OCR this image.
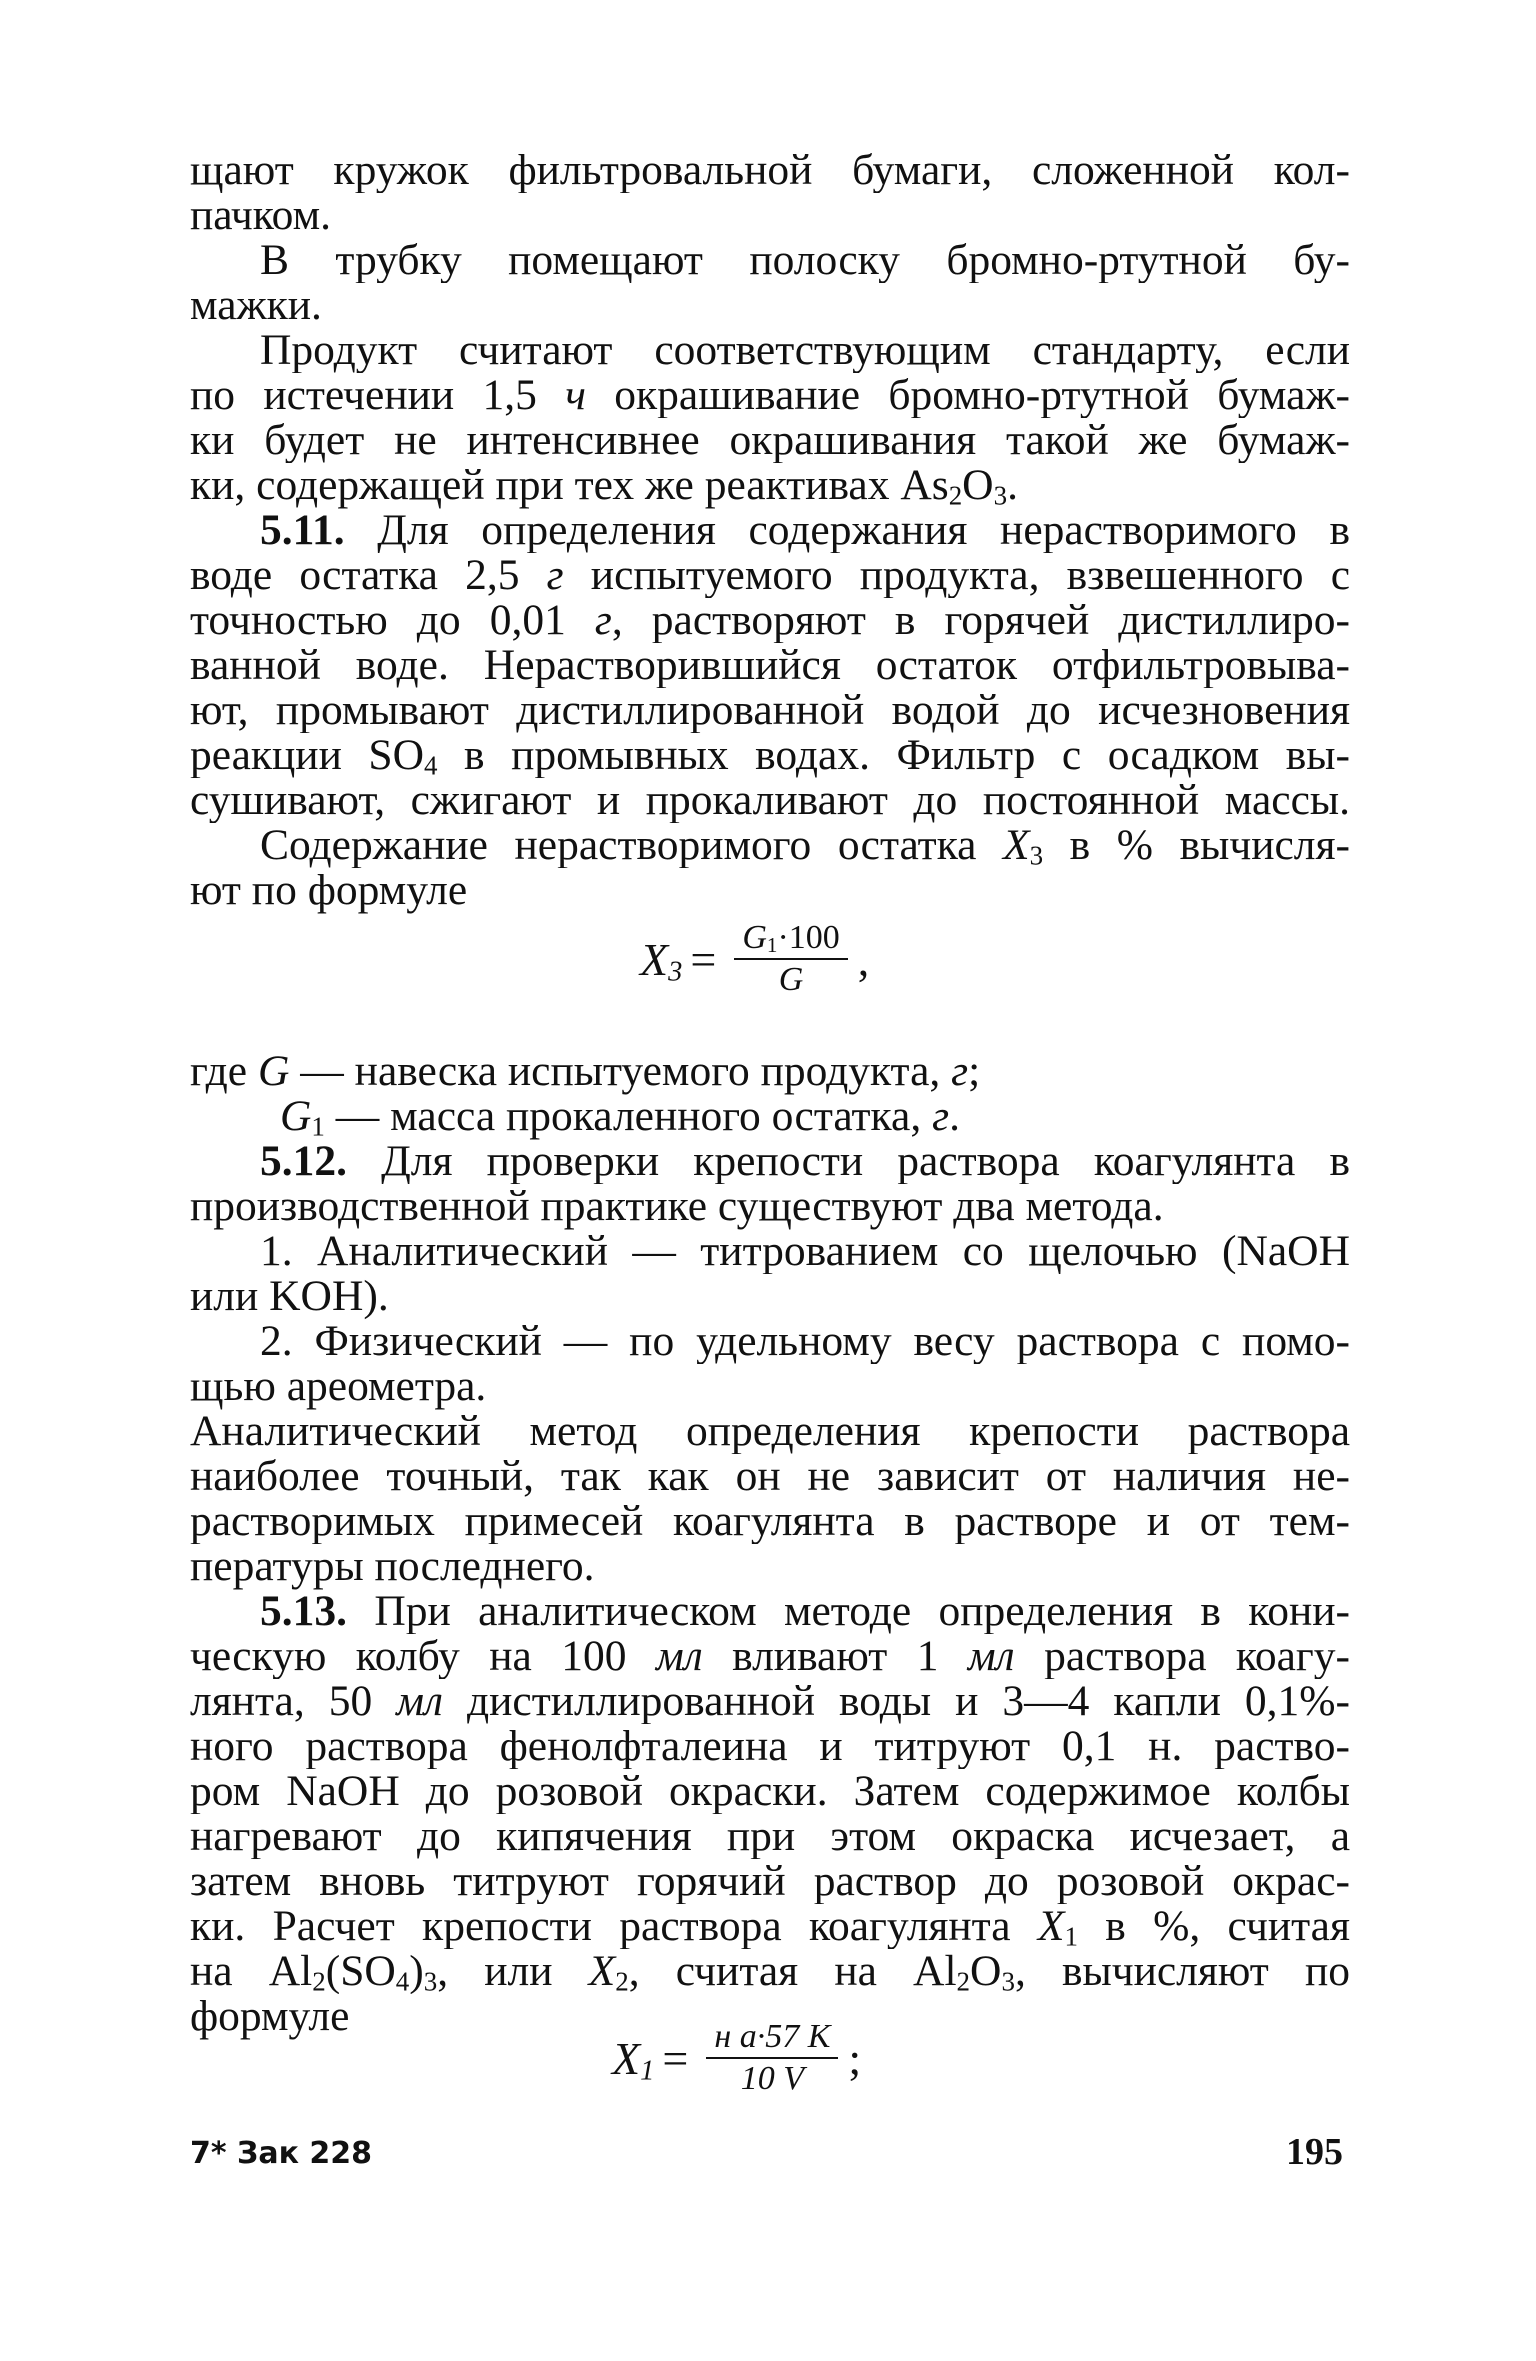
щают кружок фильтровальной бумаги, сложенной кол-
пачком.
В трубку помещают полоску бромно-ртутной бу-
мажки.
Продукт считают соответствующим стандарту, если
по истечении 1,5 ч окрашивание бромно-ртутной бумаж-
ки будет не интенсивнее окрашивания такой же бумаж-
ки, содержащей при тех же реактивах $As_2O_3$.
5.11. Для определения содержания нерастворимого в
воде остатка 2,5 г испытуемого продукта, взвешенного с
точностью до 0,01 г, растворяют в горячей дистиллиро-
ванной воде. Нерастворившийся остаток отфильтровыва-
ют, промывают дистиллированной водой до исчезновения
реакции $SO_4$ в промывных водах. Фильтр с осадком вы-
сушивают, сжигают и прокаливают до постоянной массы.
Содержание нерастворимого остатка $X_3$ в % вычисля-
ют по формуле
где G — навеска испытуемого продукта, г;
$G_1$ — масса прокаленного остатка, г.
5.12. Для проверки крепости раствора коагулянта в
производственной практике существуют два метода.
1. Аналитический — титрованием со щелочью (NaOH
или KOH).
2. Физический — по удельному весу раствора с помо-
щью ареометра.
Аналитический метод определения крепости раствора
наиболее точный, так как он не зависит от наличия не-
растворимых примесей коагулянта в растворе и от тем-
пературы последнего.
5.13. При аналитическом методе определения в кони-
ческую колбу на 100 мл вливают 1 мл раствора коагу-
лянта, 50 мл дистиллированной воды и 3—4 капли 0,1%-
ного раствора фенолфталеина и титруют 0,1 н. раство-
ром NaOH до розовой окраски. Затем содержимое колбы
нагревают до кипячения при этом окраска исчезает, а
затем вновь титруют горячий раствор до розовой окрас-
ки. Расчет крепости раствора коагулянта $X_1$ в %, считая
на $Al_2(SO_4)_3$, или $X_2$, считая на $Al_2O_3$, вычисляют по
формуле
$X_3 = \frac{G_1\cdot 100}{G}$ ,
$X_1 = \frac{\text{н a·57 K}}{10 V}$ ;
7* Зак 228	195
